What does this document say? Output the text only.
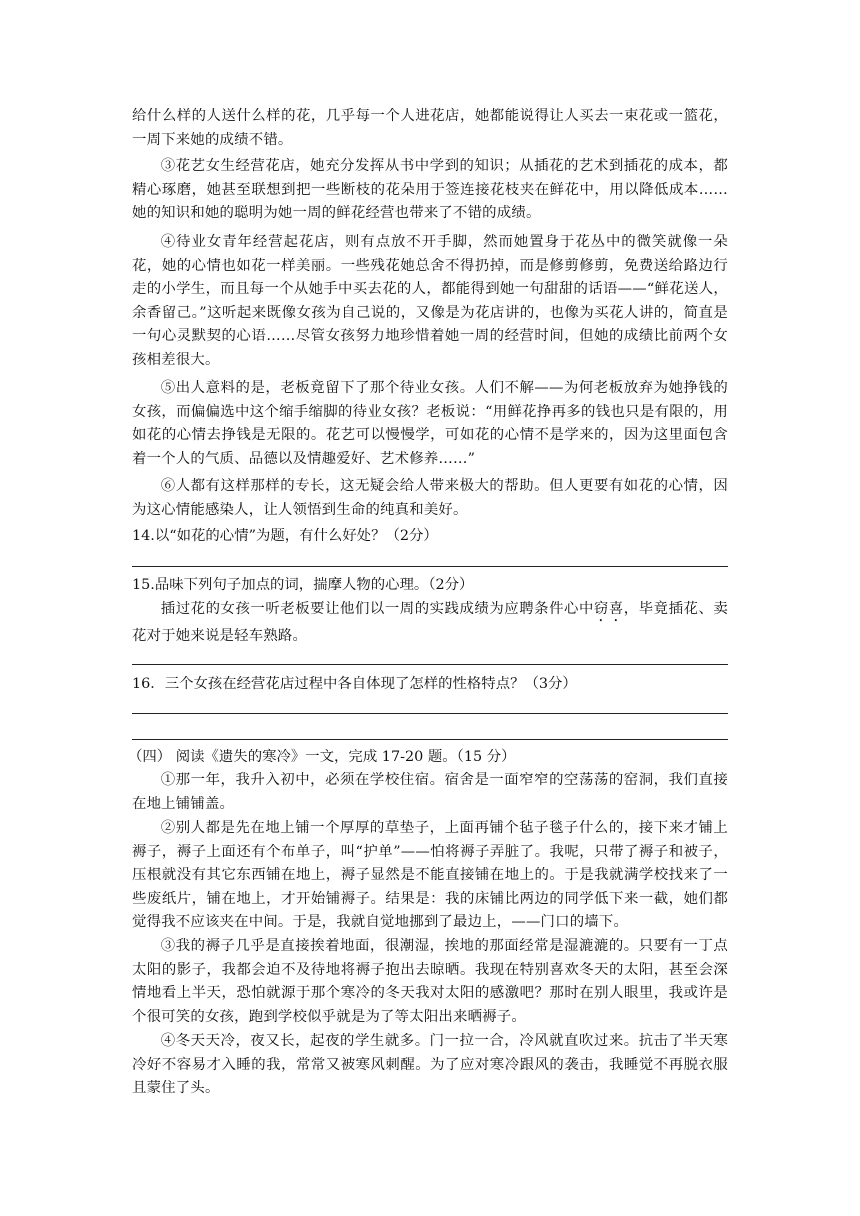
给什么样的人送什么样的花，几乎每一个人进花店，她都能说得让人买去一束花或一篮花，一周下来她的成绩不错。

③花艺女生经营花店，她充分发挥从书中学到的知识；从插花的艺术到插花的成本，都精心琢磨，她甚至联想到把一些断枝的花朵用于签连接花枝夹在鲜花中，用以降低成本……她的知识和她的聪明为她一周的鲜花经营也带来了不错的成绩。

④待业女青年经营起花店，则有点放不开手脚，然而她置身于花丛中的微笑就像一朵花，她的心情也如花一样美丽。一些残花她总舍不得扔掉，而是修剪修剪，免费送给路边行走的小学生，而且每一个从她手中买去花的人，都能得到她一句甜甜的话语——“鲜花送人，余香留己。”这听起来既像女孩为自己说的，又像是为花店讲的，也像为买花人讲的，简直是一句心灵默契的心语……尽管女孩努力地珍惜着她一周的经营时间，但她的成绩比前两个女孩相差很大。

⑤出人意料的是，老板竟留下了那个待业女孩。人们不解——为何老板放弃为她挣钱的女孩，而偏偏选中这个缩手缩脚的待业女孩？老板说：“用鲜花挣再多的钱也只是有限的，用如花的心情去挣钱是无限的。花艺可以慢慢学，可如花的心情不是学来的，因为这里面包含着一个人的气质、品德以及情趣爱好、艺术修养……”

⑥人都有这样那样的专长，这无疑会给人带来极大的帮助。但人更要有如花的心情，因为这心情能感染人，让人领悟到生命的纯真和美好。

14.以“如花的心情”为题，有什么好处？（2分）

15.品味下列句子加点的词，揣摩人物的心理。（2分）

插过花的女孩一听老板要让他们以一周的实践成绩为应聘条件心中窃喜，毕竟插花、卖花对于她来说是轻车熟路。

16．三个女孩在经营花店过程中各自体现了怎样的性格特点？（3分）

（四） 阅读《遗失的寒冷》一文，完成 17-20 题。（15 分）

①那一年，我升入初中，必须在学校住宿。宿舍是一面窄窄的空荡荡的窑洞，我们直接在地上铺铺盖。

②别人都是先在地上铺一个厚厚的草垫子，上面再铺个毡子毯子什么的，接下来才铺上褥子，褥子上面还有个布单子，叫“护单”——怕将褥子弄脏了。我呢，只带了褥子和被子，压根就没有其它东西铺在地上，褥子显然是不能直接铺在地上的。于是我就满学校找来了一些废纸片，铺在地上，才开始铺褥子。结果是：我的床铺比两边的同学低下来一截，她们都觉得我不应该夹在中间。于是，我就自觉地挪到了最边上，——门口的墙下。

③我的褥子几乎是直接挨着地面，很潮湿，挨地的那面经常是湿漉漉的。只要有一丁点太阳的影子，我都会迫不及待地将褥子抱出去晾晒。我现在特别喜欢冬天的太阳，甚至会深情地看上半天，恐怕就源于那个寒冷的冬天我对太阳的感激吧？那时在别人眼里，我或许是个很可笑的女孩，跑到学校似乎就是为了等太阳出来晒褥子。

④冬天天冷，夜又长，起夜的学生就多。门一拉一合，冷风就直吹过来。抗击了半天寒冷好不容易才入睡的我，常常又被寒风刺醒。为了应对寒冷跟风的袭击，我睡觉不再脱衣服且蒙住了头。
